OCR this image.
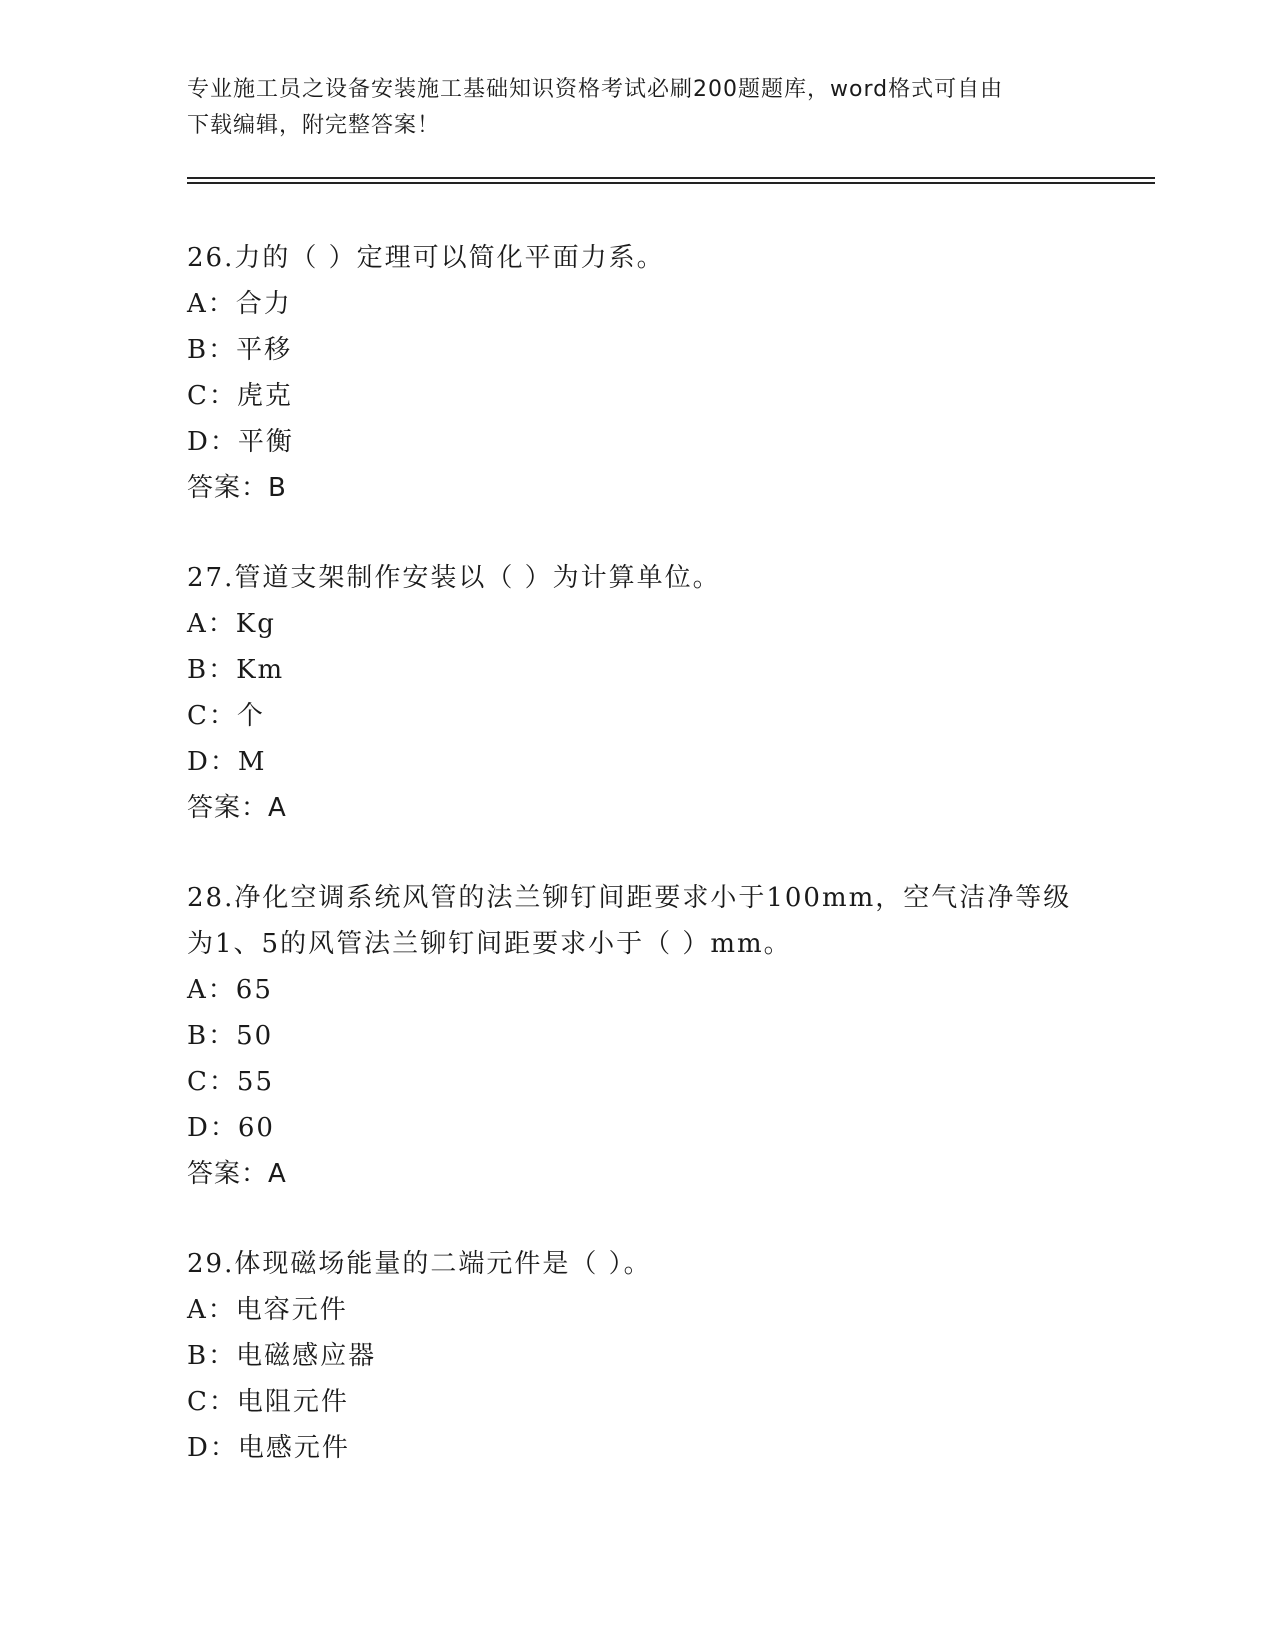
专业施工员之设备安装施工基础知识资格考试必刷200题题库，word格式可自由
下载编辑，附完整答案！
26.力的（ ）定理可以简化平面力系。
A：合力
B：平移
C：虎克
D：平衡
答案：B
27.管道支架制作安装以（ ）为计算单位。
A：Kg
B：Km
C：个
D：M
答案：A
28.净化空调系统风管的法兰铆钉间距要求小于100mm，空气洁净等级
为1、5的风管法兰铆钉间距要求小于（ ）mm。
A：65
B：50
C：55
D：60
答案：A
29.体现磁场能量的二端元件是（ ）。
A：电容元件
B：电磁感应器
C：电阻元件
D：电感元件
